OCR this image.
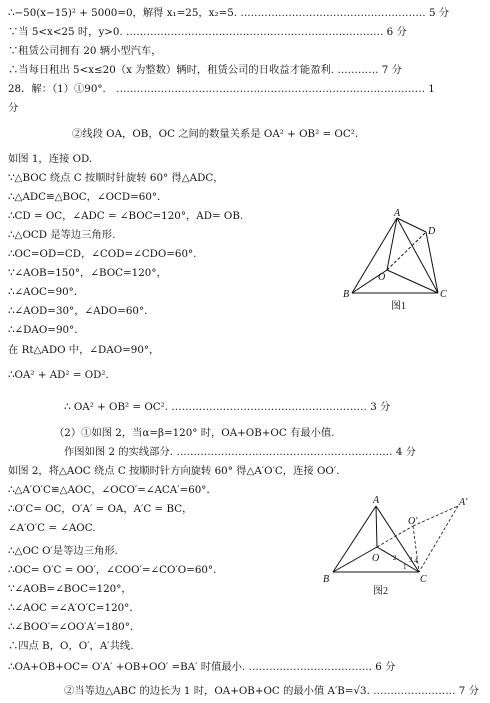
∴−50(x−15)² + 5000=0，解得 x₁=25，x₂=5. ……………………………………………… 5 分
∵当 5<x<25 时，y>0. ………………………………………………………………… 6 分
∵租赁公司拥有 20 辆小型汽车，
∴当每日租出 5<x≤20（x 为整数）辆时，租赁公司的日收益才能盈利. ………… 7 分
28．解：（1）①90°． ……………………………………………………………………………… 1
分
②线段 OA，OB，OC 之间的数量关系是 OA² + OB² = OC².
如图 1，连接 OD.
∵△BOC 绕点 C 按顺时针旋转 60° 得△ADC，
∴△ADC≌△BOC，∠OCD=60°．
∴CD = OC，∠ADC = ∠BOC=120°，AD= OB.
∴△OCD 是等边三角形.
∴OC=OD=CD，∠COD=∠CDO=60°.
∵∠AOB=150°，∠BOC=120°，
∴∠AOC=90°．
∴∠AOD=30°，∠ADO=60°．
∴∠DAO=90°．
在 Rt△ADO 中，∠DAO=90°，
∴OA² + AD² = OD².
∴ OA² + OB² = OC². ………………………………………………… 3 分
（2）①如图 2，当α=β=120° 时，OA+OB+OC 有最小值.
作图如图 2 的实线部分. ……………………………………………………… 4 分
如图 2，将△AOC 绕点 C 按顺时针方向旋转 60° 得△A′O′C，连接 OO′.
∴△A′O′C≌△AOC，∠OCO′=∠ACA′=60°．
∴O′C= OC，O′A′ = OA，A′C = BC，
∠A′O′C = ∠AOC.
∴△OC O′是等边三角形.
∴OC= O′C = OO′，∠COO′=∠CO′O=60°．
∵∠AOB=∠BOC=120°，
∴∠AOC =∠A′O′C=120°．
∴∠BOO′=∠OO′A′=180°．
∴四点 B，O，O′，A′共线.
∴OA+OB+OC= O′A′ +OB+OO′ =BA′ 时值最小. ……………………………… 6 分
②当等边△ABC 的边长为 1 时，OA+OB+OC 的最小值 A′B=√3. …………………… 7 分
A
D
O
B	C
图1
A	A′
O′
O
B	C
2
1
3 4
图2
